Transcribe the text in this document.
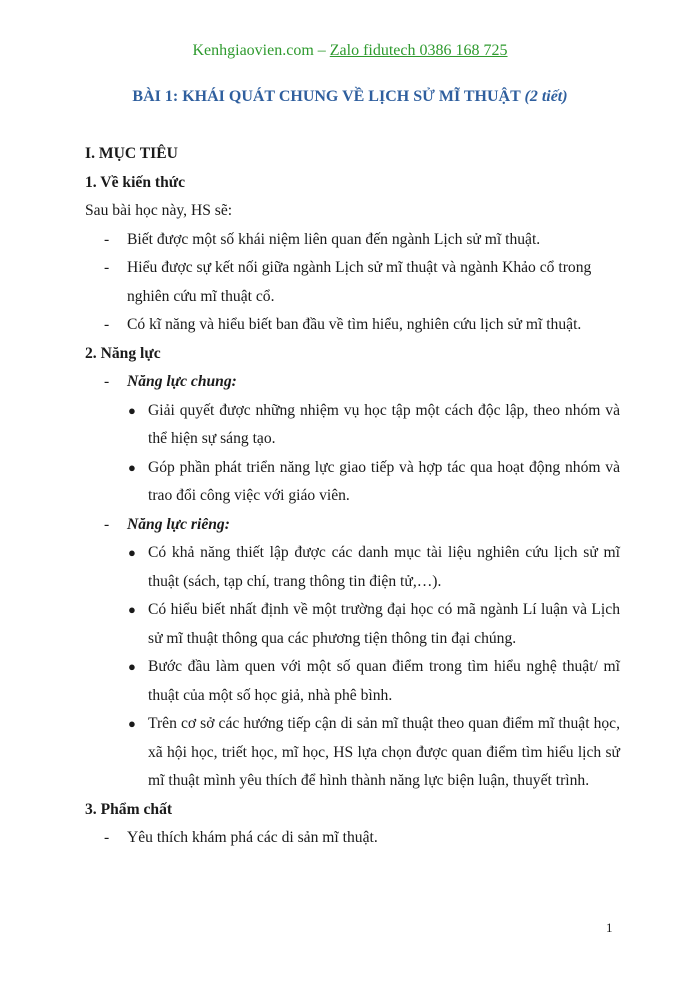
Kenhgiaovien.com – Zalo fidutech 0386 168 725
BÀI 1: KHÁI QUÁT CHUNG VỀ LỊCH SỬ MĨ THUẬT (2 tiết)
I. MỤC TIÊU
1. Về kiến thức
Sau bài học này, HS sẽ:
- Biết được một số khái niệm liên quan đến ngành Lịch sử mĩ thuật.
- Hiểu được sự kết nối giữa ngành Lịch sử mĩ thuật và ngành Khảo cổ trong nghiên cứu mĩ thuật cổ.
- Có kĩ năng và hiểu biết ban đầu về tìm hiểu, nghiên cứu lịch sử mĩ thuật.
2. Năng lực
- Năng lực chung:
● Giải quyết được những nhiệm vụ học tập một cách độc lập, theo nhóm và thể hiện sự sáng tạo.
● Góp phần phát triển năng lực giao tiếp và hợp tác qua hoạt động nhóm và trao đổi công việc với giáo viên.
- Năng lực riêng:
● Có khả năng thiết lập được các danh mục tài liệu nghiên cứu lịch sử mĩ thuật (sách, tạp chí, trang thông tin điện tử,…).
● Có hiểu biết nhất định về một trường đại học có mã ngành Lí luận và Lịch sử mĩ thuật thông qua các phương tiện thông tin đại chúng.
● Bước đầu làm quen với một số quan điểm trong tìm hiểu nghệ thuật/ mĩ thuật của một số học giả, nhà phê bình.
● Trên cơ sở các hướng tiếp cận di sản mĩ thuật theo quan điểm mĩ thuật học, xã hội học, triết học, mĩ học, HS lựa chọn được quan điểm tìm hiểu lịch sử mĩ thuật mình yêu thích để hình thành năng lực biện luận, thuyết trình.
3. Phẩm chất
- Yêu thích khám phá các di sản mĩ thuật.
1
